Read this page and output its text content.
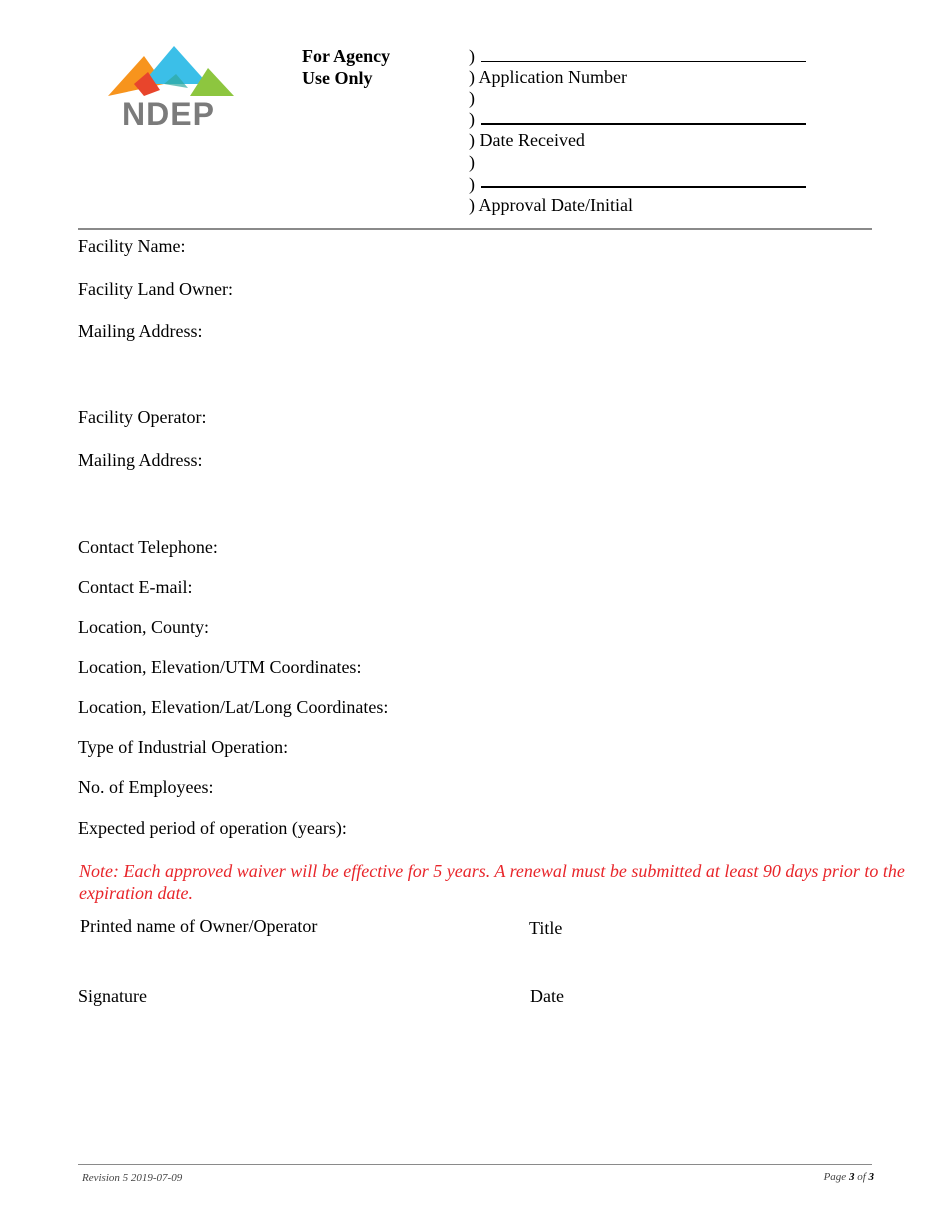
NDEP
For Agency
Use Only
)
) Application Number
)
)
) Date Received
)
)
) Approval Date/Initial
Facility Name:
Facility Land Owner:
Mailing Address:
Facility Operator:
Mailing Address:
Contact Telephone:
Contact E-mail:
Location, County:
Location, Elevation/UTM Coordinates:
Location, Elevation/Lat/Long Coordinates:
Type of Industrial Operation:
No. of Employees:
Expected period of operation (years):
Note: Each approved waiver will be effective for 5 years. A renewal must be submitted at least 90 days prior to the expiration date.
Printed name of Owner/Operator	Title
Signature	Date
Revision 5 2019-07-09	Page 3 of 3
